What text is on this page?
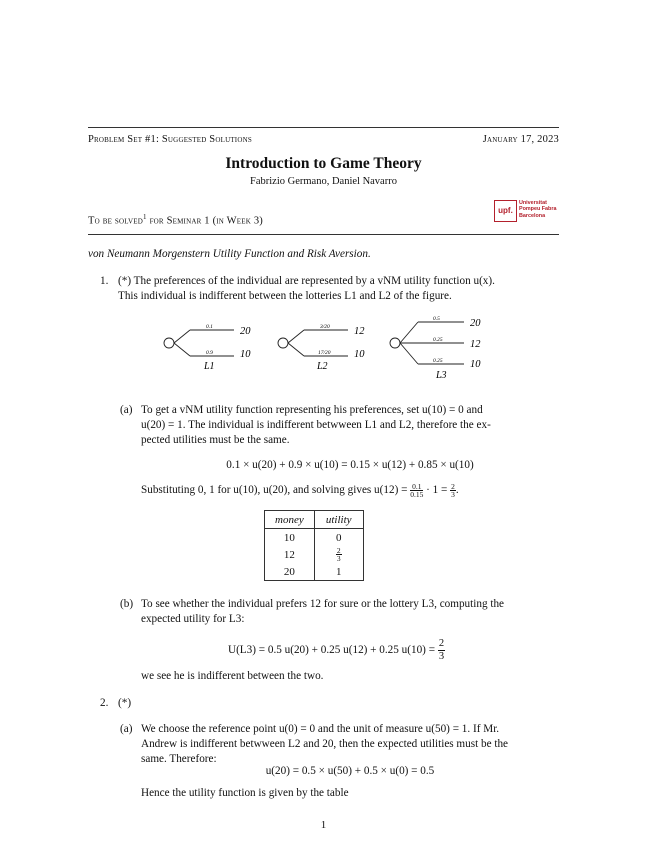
Problem Set #1: Suggested Solutions	January 17, 2023
Introduction to Game Theory
Fabrizio Germano, Daniel Navarro
To be solved$^1$ for Seminar 1 (in Week 3)
upf.
Universitat
Pompeu Fabra
Barcelona
von Neumann Morgenstern Utility Function and Risk Aversion.
1. (*) The preferences of the individual are represented by a vNM utility function u(x).
This individual is indifferent between the lotteries L1 and L2 of the figure.
0.1	20
0.9	10
L1
3/20 12
17/20 10
L2
0.5	20
0.25	12
0.25	10
L3
(a) To get a vNM utility function representing his preferences, set u(10) = 0 and
u(20) = 1. The individual is indifferent betwween L1 and L2, therefore the ex-
pected utilities must be the same.
0.1 × u(20) + 0.9 × u(10) = 0.15 × u(12) + 0.85 × u(10)
Substituting 0, 1 for u(10), u(20), and solving gives $u(12) = \frac{0.1}{0.15} \cdot 1 = \frac{2}{3}$ .
money	utility
10	0
12	$\frac{2}{3}$

20	1
(b) To see whether the individual prefers 12 for sure or the lottery L3, computing the
expected utility for L3:
U(L3) = 0.5 u(20) + 0.25 u(12) + 0.25 $u(10) = \frac{2}{3}$
we see he is indifferent between the two.
2. (*)
(a) We choose the reference point u(0) = 0 and the unit of measure u(50) = 1. If Mr.
Andrew is indifferent betwween L2 and 20, then the expected utilities must be the
same. Therefore:
u(20) = 0.5 × u(50) + 0.5 × u(0) = 0.5
Hence the utility function is given by the table
1
